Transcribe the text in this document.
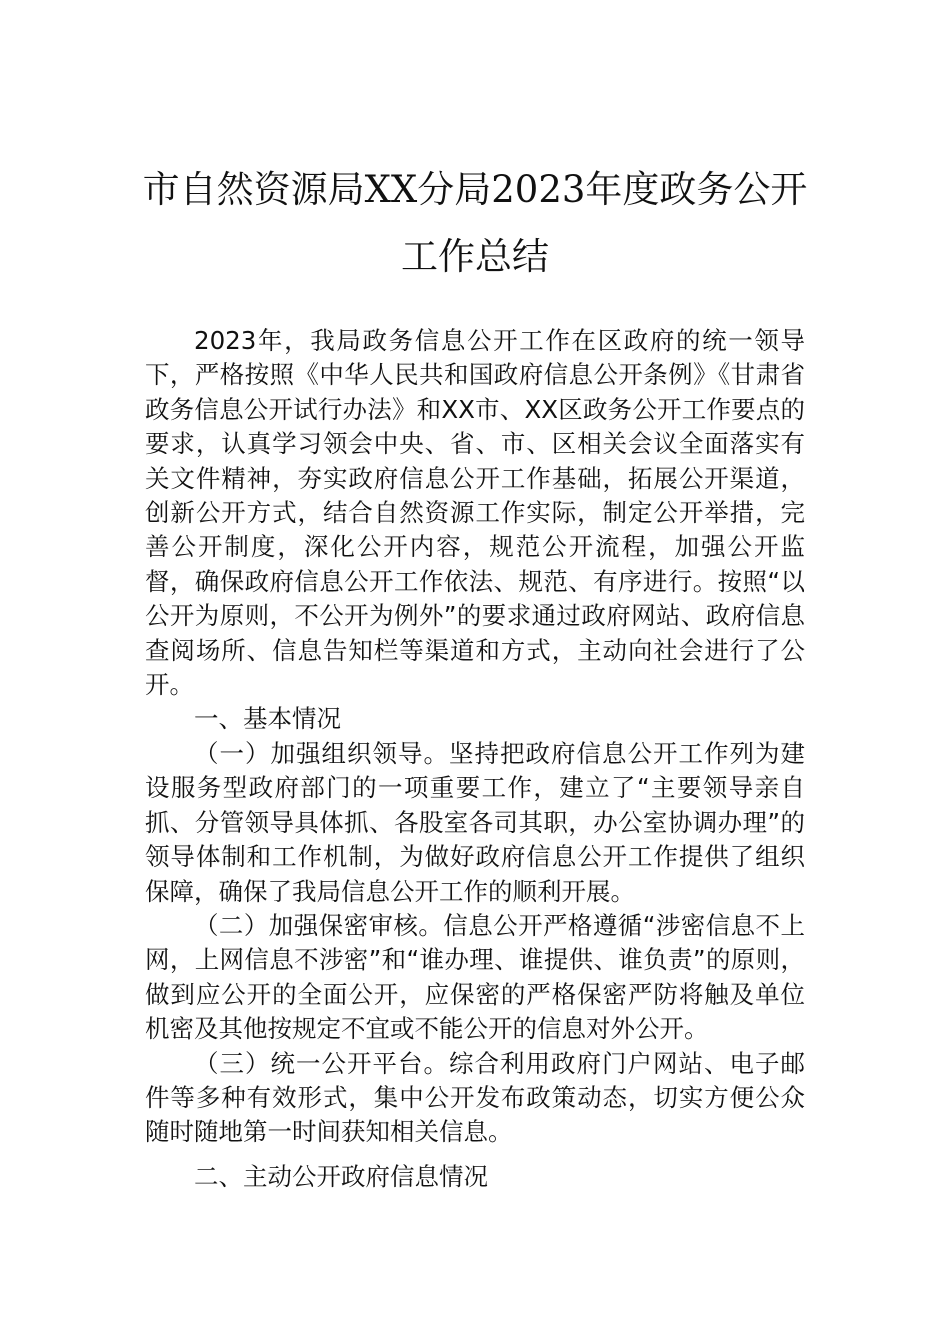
市自然资源局XX分局2023年度政务公开
工作总结

2023年，我局政务信息公开工作在区政府的统一领导下，严格按照《中华人民共和国政府信息公开条例》《甘肃省政务信息公开试行办法》和XX市、XX区政务公开工作要点的要求，认真学习领会中央、省、市、区相关会议全面落实有关文件精神，夯实政府信息公开工作基础，拓展公开渠道，创新公开方式，结合自然资源工作实际，制定公开举措，完善公开制度，深化公开内容，规范公开流程，加强公开监督，确保政府信息公开工作依法、规范、有序进行。按照“以公开为原则，不公开为例外”的要求通过政府网站、政府信息查阅场所、信息告知栏等渠道和方式，主动向社会进行了公开。

一、基本情况

（一）加强组织领导。坚持把政府信息公开工作列为建设服务型政府部门的一项重要工作，建立了“主要领导亲自抓、分管领导具体抓、各股室各司其职，办公室协调办理”的领导体制和工作机制，为做好政府信息公开工作提供了组织保障，确保了我局信息公开工作的顺利开展。

（二）加强保密审核。信息公开严格遵循“涉密信息不上网，上网信息不涉密”和“谁办理、谁提供、谁负责”的原则，做到应公开的全面公开，应保密的严格保密严防将触及单位机密及其他按规定不宜或不能公开的信息对外公开。

（三）统一公开平台。综合利用政府门户网站、电子邮件等多种有效形式，集中公开发布政策动态，切实方便公众随时随地第一时间获知相关信息。

二、主动公开政府信息情况
